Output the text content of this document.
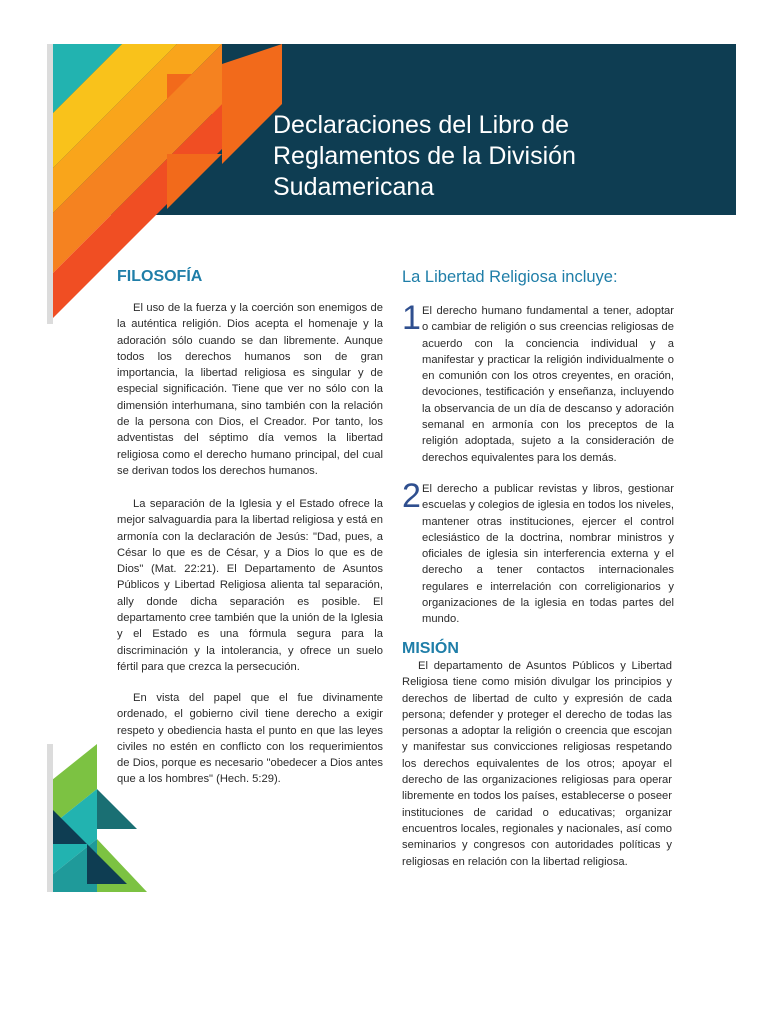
Declaraciones del Libro de
Reglamentos de la División
Sudamericana
FILOSOFÍA

El uso de la fuerza y la coerción son enemigos de la auténtica religión. Dios acepta el homenaje y la adoración sólo cuando se dan libremente. Aunque todos los derechos humanos son de gran importancia, la libertad religiosa es singular y de especial significación. Tiene que ver no sólo con la dimensión interhumana, sino también con la relación de la persona con Dios, el Creador. Por tanto, los adventistas del séptimo día vemos la libertad religiosa como el derecho humano principal, del cual se derivan todos los derechos humanos.

La separación de la Iglesia y el Estado ofrece la mejor salvaguardia para la libertad religiosa y está en armonía con la declaración de Jesús: "Dad, pues, a César lo que es de César, y a Dios lo que es de Dios" (Mat. 22:21). El Departamento de Asuntos Públicos y Libertad Religiosa alienta tal separación, ally donde dicha separación es posible. El departamento cree también que la unión de la Iglesia y el Estado es una fórmula segura para la discriminación y la intolerancia, y ofrece un suelo fértil para que crezca la persecución.

En vista del papel que el fue divinamente ordenado, el gobierno civil tiene derecho a exigir respeto y obediencia hasta el punto en que las leyes civiles no estén en conflicto con los requerimientos de Dios, porque es necesario "obedecer a Dios antes que a los hombres" (Hech. 5:29).

La Libertad Religiosa incluye:
1 El derecho humano fundamental a tener, adoptar o cambiar de religión o sus creencias religiosas de acuerdo con la conciencia individual y a manifestar y practicar la religión individualmente o en comunión con los otros creyentes, en oración, devociones, testificación y enseñanza, incluyendo la observancia de un día de descanso y adoración semanal en armonía con los preceptos de la religión adoptada, sujeto a la consideración de derechos equivalentes para los demás.

2 El derecho a publicar revistas y libros, gestionar escuelas y colegios de iglesia en todos los niveles, mantener otras instituciones, ejercer el control eclesiástico de la doctrina, nombrar ministros y oficiales de iglesia sin interferencia externa y el derecho a tener contactos internacionales regulares e interrelación con correligionarios y organizaciones de la iglesia en todas partes del mundo.

MISIÓN

El departamento de Asuntos Públicos y Libertad Religiosa tiene como misión divulgar los principios y derechos de libertad de culto y expresión de cada persona; defender y proteger el derecho de todas las personas a adoptar la religión o creencia que escojan y manifestar sus convicciones religiosas respetando los derechos equivalentes de los otros; apoyar el derecho de las organizaciones religiosas para operar libremente en todos los países, establecerse o poseer instituciones de caridad o educativas; organizar encuentros locales, regionales y nacionales, así como seminarios y congresos con autoridades políticas y religiosas en relación con la libertad religiosa.
